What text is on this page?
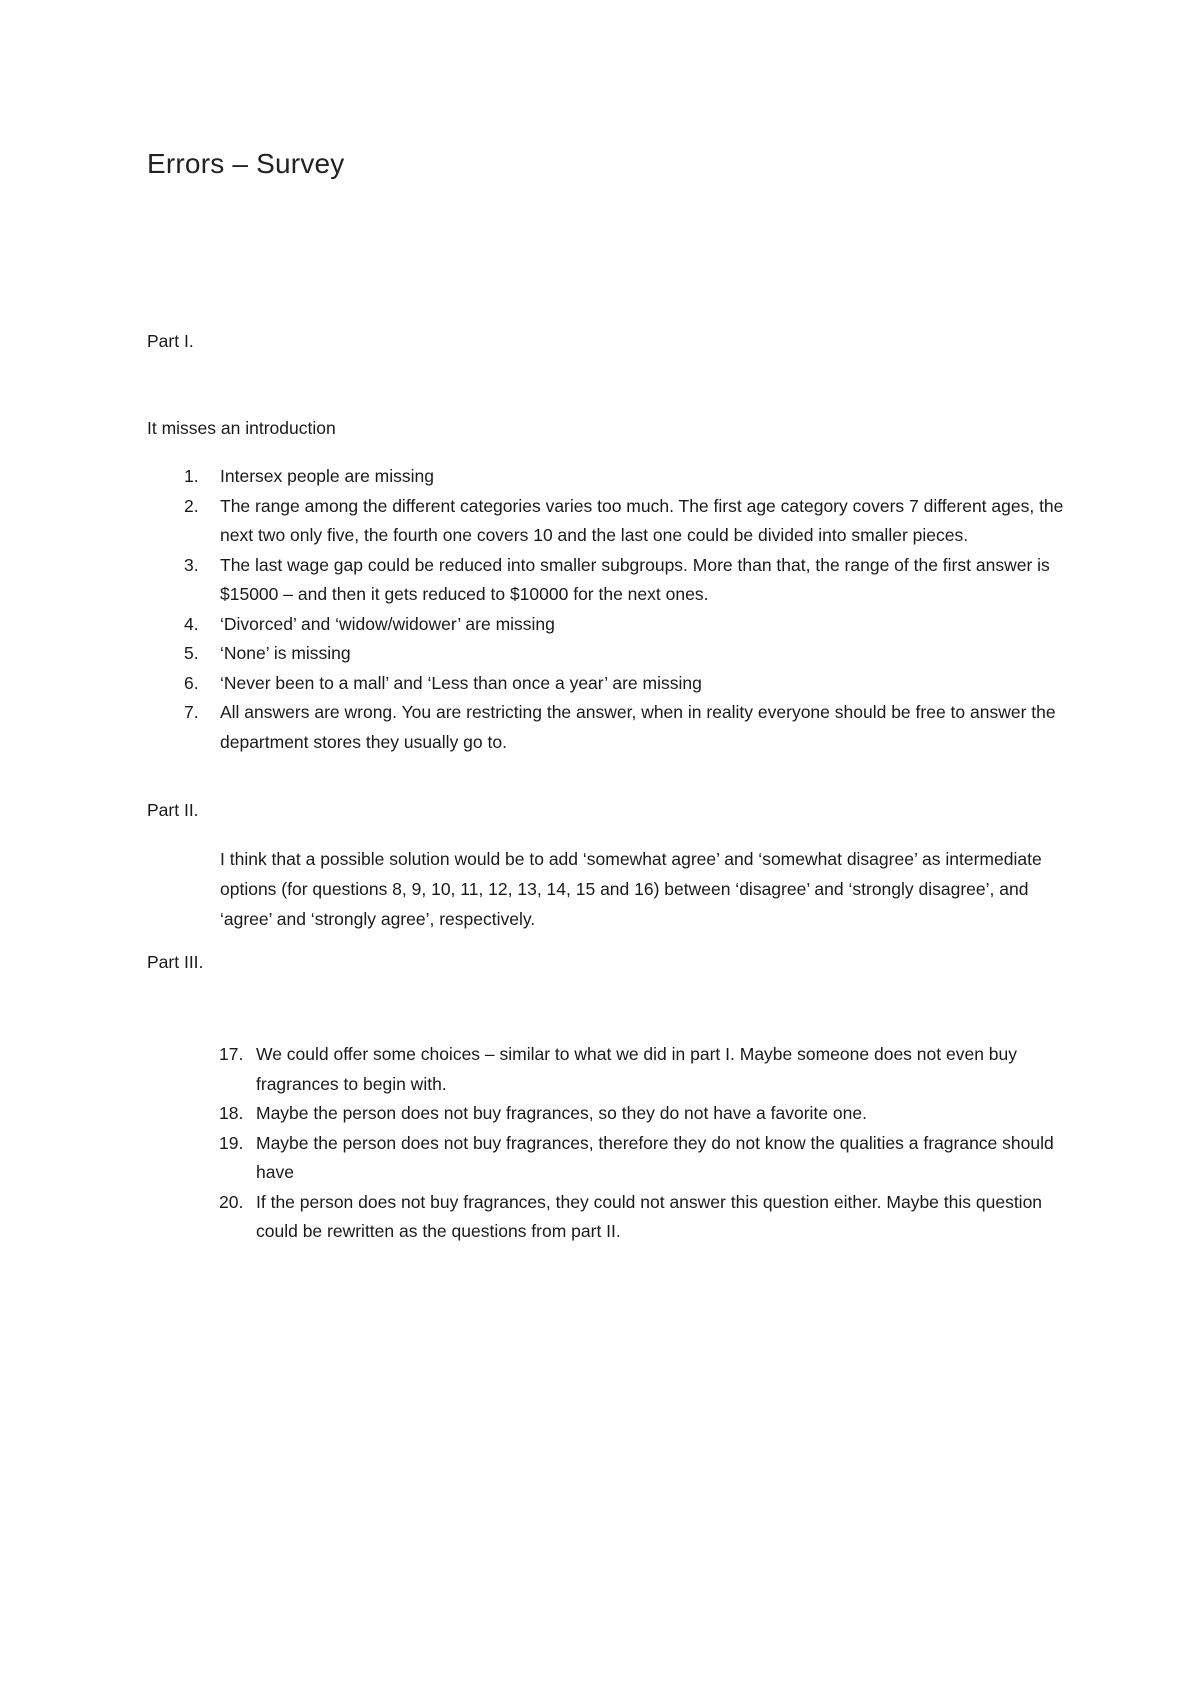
Errors – Survey

Part I.

It misses an introduction

1.	Intersex people are missing
2.	The range among the different categories varies too much. The first age category covers 7 different ages, the next two only five, the fourth one covers 10 and the last one could be divided into smaller pieces.
3.	The last wage gap could be reduced into smaller subgroups. More than that, the range of the first answer is $15000 – and then it gets reduced to $10000 for the next ones.
4.	‘Divorced’ and ‘widow/widower’ are missing
5.	‘None’ is missing
6.	‘Never been to a mall’ and ‘Less than once a year’ are missing
7.	All answers are wrong. You are restricting the answer, when in reality everyone should be free to answer the department stores they usually go to.

Part II.

I think that a possible solution would be to add ‘somewhat agree’ and ‘somewhat disagree’ as intermediate options (for questions 8, 9, 10, 11, 12, 13, 14, 15 and 16) between ‘disagree’ and ‘strongly disagree’, and ‘agree’ and ‘strongly agree’, respectively.

Part III.

17. We could offer some choices – similar to what we did in part I. Maybe someone does not even buy fragrances to begin with.
18. Maybe the person does not buy fragrances, so they do not have a favorite one.
19. Maybe the person does not buy fragrances, therefore they do not know the qualities a fragrance should have
20. If the person does not buy fragrances, they could not answer this question either. Maybe this question could be rewritten as the questions from part II.
